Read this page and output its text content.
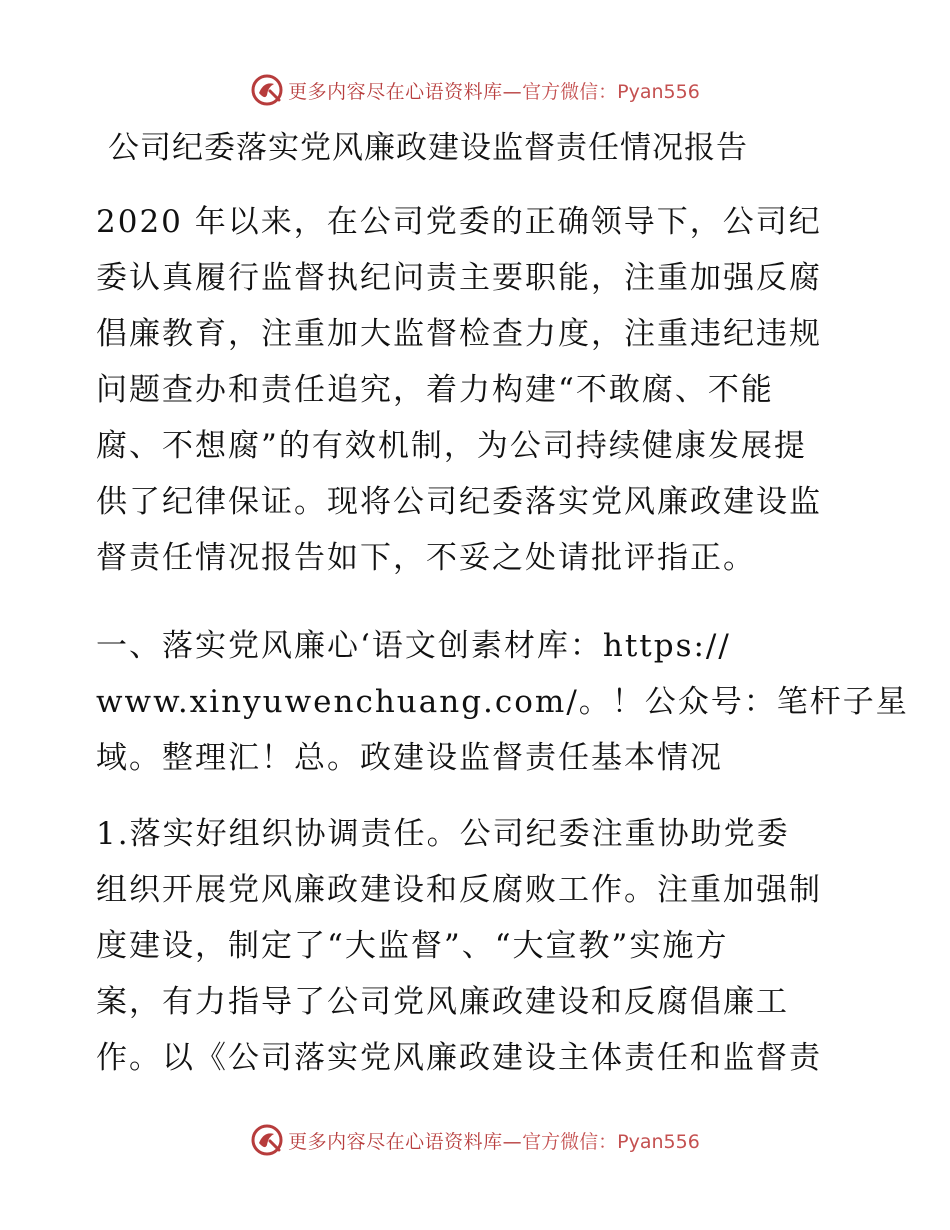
更多内容尽在心语资料库— 官方微信：Pyan556
公司纪委落实党风廉政建设监督责任情况报告
2020 年以来，在公司党委的正确领导下，公司纪
委认真履行监督执纪问责主要职能，注重加强反腐
倡廉教育，注重加大监督检查力度，注重违纪违规
问题查办和责任追究，着力构建“不敢腐、不能
腐、不想腐”的有效机制，为公司持续健康发展提
供了纪律保证。现将公司纪委落实党风廉政建设监
督责任情况报告如下，不妥之处请批评指正。
一、落实党风廉心‘语文创素材库：https://
www.xinyuwenchuang.com/。！公众号：笔杆子星
域。整理汇！总。政建设监督责任基本情况
1.落实好组织协调责任。公司纪委注重协助党委
组织开展党风廉政建设和反腐败工作。注重加强制
度建设，制定了“大监督”、“大宣教”实施方
案，有力指导了公司党风廉政建设和反腐倡廉工
作。以《公司落实党风廉政建设主体责任和监督责
更多内容尽在心语资料库— 官方微信：Pyan556
